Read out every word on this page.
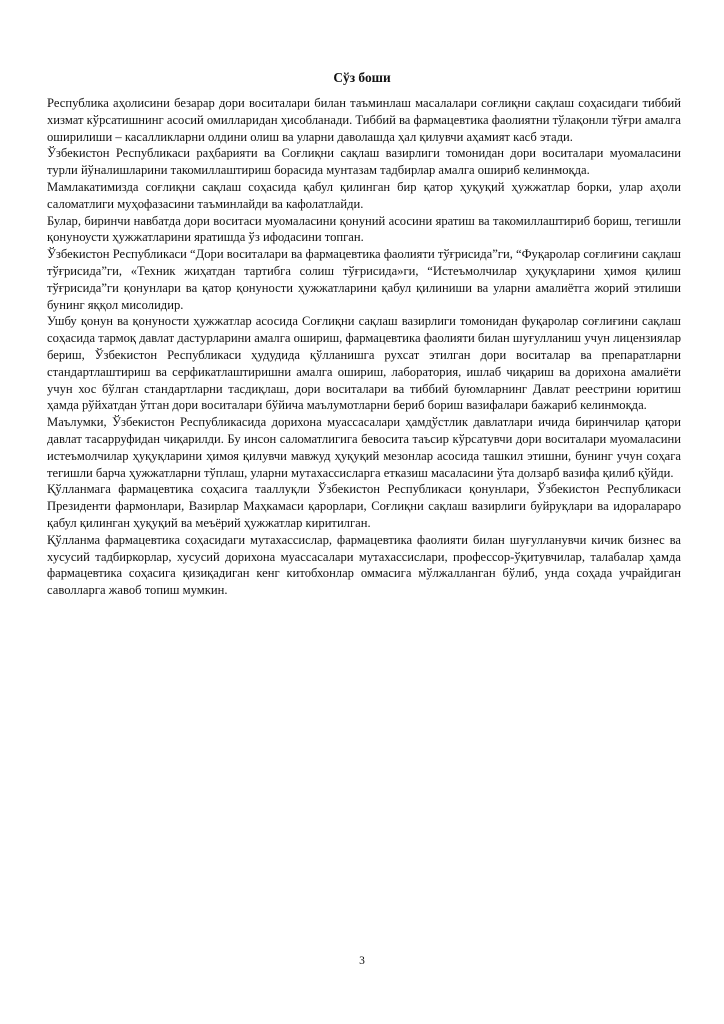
Сўз боши

Республика аҳолисини безарар дори воситалари билан таъминлаш масалалари соғлиқни сақлаш соҳасидаги тиббий хизмат кўрсатишнинг асосий омилларидан ҳисобланади. Тиббий ва фармацевтика фаолиятни тўлақонли тўғри амалга оширилиши – касалликларни олдини олиш ва уларни даволашда ҳал қилувчи аҳамият касб этади.

Ўзбекистон Республикаси раҳбарияти ва Соғлиқни сақлаш вазирлиги томонидан дори воситалари муомаласини турли йўналишларини такомиллаштириш борасида мунтазам тадбирлар амалга ошириб келинмоқда.

Мамлакатимизда соғлиқни сақлаш соҳасида қабул қилинган бир қатор ҳуқуқий ҳужжатлар борки, улар аҳоли саломатлиги муҳофазасини таъминлайди ва кафолатлайди.

Булар, биринчи навбатда дори воситаси муомаласини қонуний асосини яратиш ва такомиллаштириб бориш, тегишли қонуноусти ҳужжатларини яратишда ўз ифодасини топган.

Ўзбекистон Республикаси “Дори воситалари ва фармацевтика фаолияти тўғрисида”ги, “Фуқаролар соғлиғини сақлаш тўғрисида”ги, «Техник жиҳатдан тартибга солиш тўғрисида»ги, “Истеъмолчилар ҳуқуқларини ҳимоя қилиш тўғрисида”ги қонунлари ва қатор қонуности ҳужжатларини қабул қилиниши ва уларни амалиётга жорий этилиши бунинг яққол мисолидир.

Ушбу қонун ва қонуности ҳужжатлар асосида Соғлиқни сақлаш вазирлиги томонидан фуқаролар соғлиғини сақлаш соҳасида тармоқ давлат дастурларини амалга ошириш, фармацевтика фаолияти билан шуғулланиш учун лицензиялар бериш, Ўзбекистон Республикаси ҳудудида қўлланишга рухсат этилган дори воситалар ва препаратларни стандартлаштириш ва серфикатлаштиришни амалга ошириш, лаборатория, ишлаб чиқариш ва дорихона амалиёти учун хос бўлган стандартларни тасдиқлаш, дори воситалари ва тиббий буюмларнинг Давлат реестрини юритиш ҳамда рўйхатдан ўтган дори воситалари бўйича маълумотларни бериб бориш вазифалари бажариб келинмоқда.

Маълумки, Ўзбекистон Республикасида дорихона муассасалари ҳамдўстлик давлатлари ичида биринчилар қатори давлат тасарруфидан чиқарилди. Бу инсон саломатлигига бевосита таъсир кўрсатувчи дори воситалари муомаласини истеъмолчилар ҳуқуқларини ҳимоя қилувчи мавжуд ҳуқуқий мезонлар асосида ташкил этишни, бунинг учун соҳага тегишли барча ҳужжатларни тўплаш, уларни мутахассисларга етказиш масаласини ўта долзарб вазифа қилиб қўйди.

Қўлланмага фармацевтика соҳасига тааллуқли Ўзбекистон Республикаси қонунлари, Ўзбекистон Республикаси Президенти фармонлари, Вазирлар Маҳкамаси қарорлари, Соғлиқни сақлаш вазирлиги буйруқлари ва идоралараро қабул қилинган ҳуқуқий ва меъёрий ҳужжатлар киритилган.

Қўлланма фармацевтика соҳасидаги мутахассислар, фармацевтика фаолияти билан шуғулланувчи кичик бизнес ва хусусий тадбиркорлар, хусусий дорихона муассасалари мутахассислари, профессор-ўқитувчилар, талабалар ҳамда фармацевтика соҳасига қизиқадиган кенг китобхонлар оммасига мўлжалланган бўлиб, унда соҳада учрайдиган саволларга жавоб топиш мумкин.

3
